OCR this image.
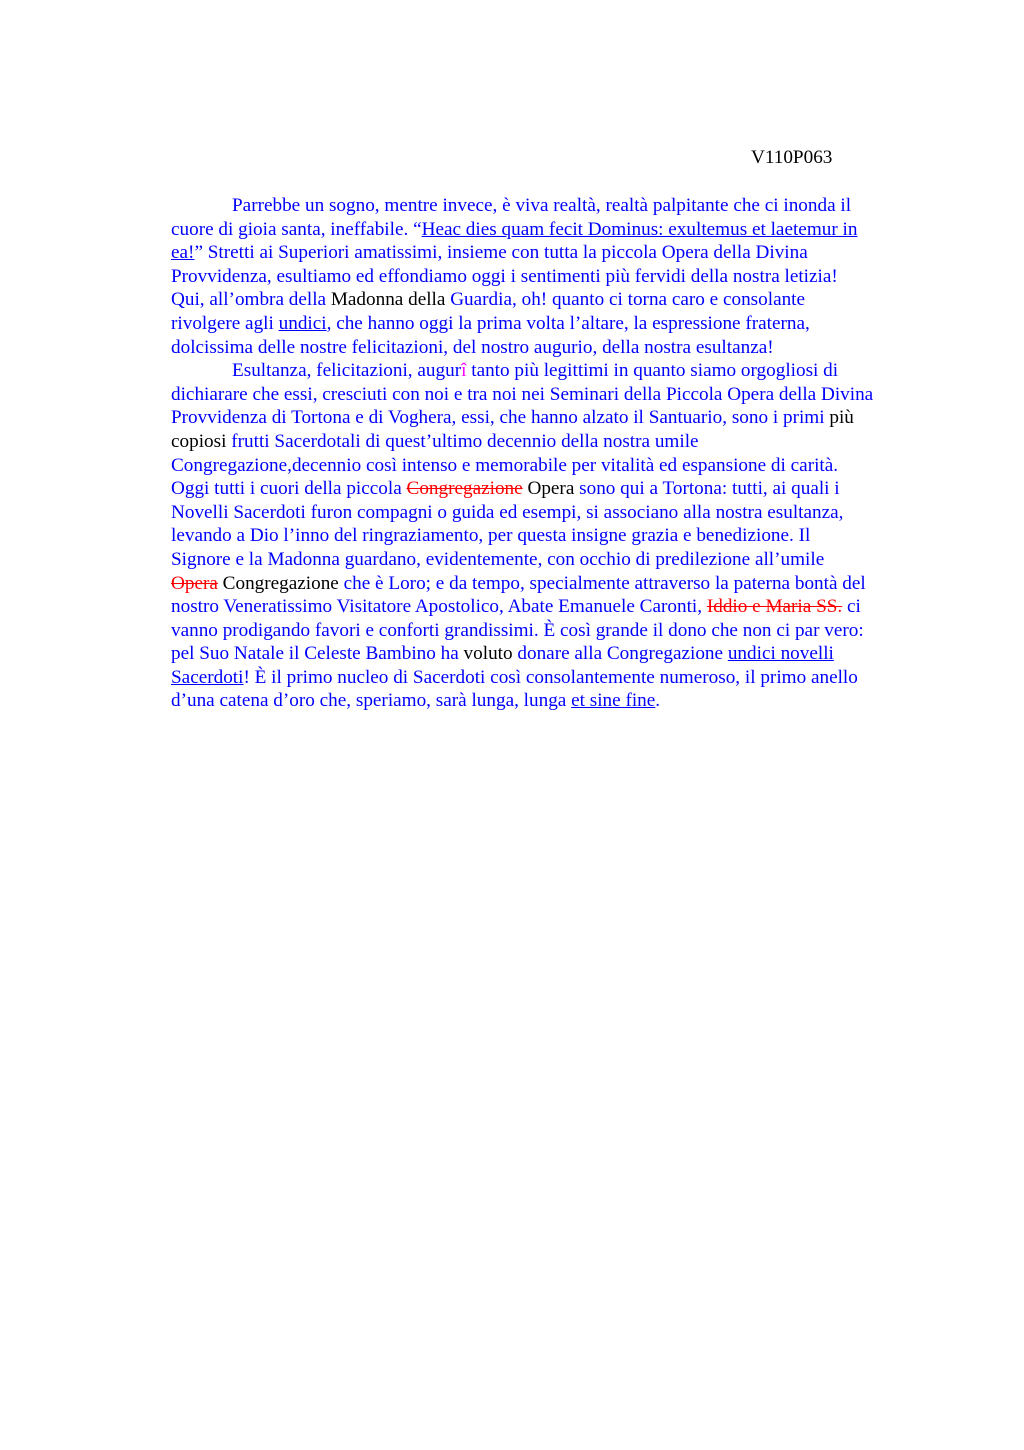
V110P063
Parrebbe un sogno, mentre invece, è viva realtà, realtà palpitante che ci inonda il
cuore di gioia santa, ineffabile. “Heac dies quam fecit Dominus: exultemus et laetemur in
ea!” Stretti ai Superiori amatissimi, insieme con tutta la piccola Opera della Divina
Provvidenza, esultiamo ed effondiamo oggi i sentimenti più fervidi della nostra letizia!
Qui, all’ombra della Madonna della Guardia, oh! quanto ci torna caro e consolante
rivolgere agli undici, che hanno oggi la prima volta l’altare, la espressione fraterna,
dolcissima delle nostre felicitazioni, del nostro augurio, della nostra esultanza!
Esultanza, felicitazioni, augurî tanto più legittimi in quanto siamo orgogliosi di
dichiarare che essi, cresciuti con noi e tra noi nei Seminari della Piccola Opera della Divina
Provvidenza di Tortona e di Voghera, essi, che hanno alzato il Santuario, sono i primi più
copiosi frutti Sacerdotali di quest’ultimo decennio della nostra umile
Congregazione,decennio così intenso e memorabile per vitalità ed espansione di carità.
Oggi tutti i cuori della piccola Congregazione Opera sono qui a Tortona: tutti, ai quali i
Novelli Sacerdoti furon compagni o guida ed esempi, si associano alla nostra esultanza,
levando a Dio l’inno del ringraziamento, per questa insigne grazia e benedizione. Il
Signore e la Madonna guardano, evidentemente, con occhio di predilezione all’umile
Opera Congregazione che è Loro; e da tempo, specialmente attraverso la paterna bontà del
nostro Veneratissimo Visitatore Apostolico, Abate Emanuele Caronti, Iddio e Maria SS. ci
vanno prodigando favori e conforti grandissimi. È così grande il dono che non ci par vero:
pel Suo Natale il Celeste Bambino ha voluto donare alla Congregazione undici novelli
Sacerdoti! È il primo nucleo di Sacerdoti così consolantemente numeroso, il primo anello
d’una catena d’oro che, speriamo, sarà lunga, lunga et sine fine.
